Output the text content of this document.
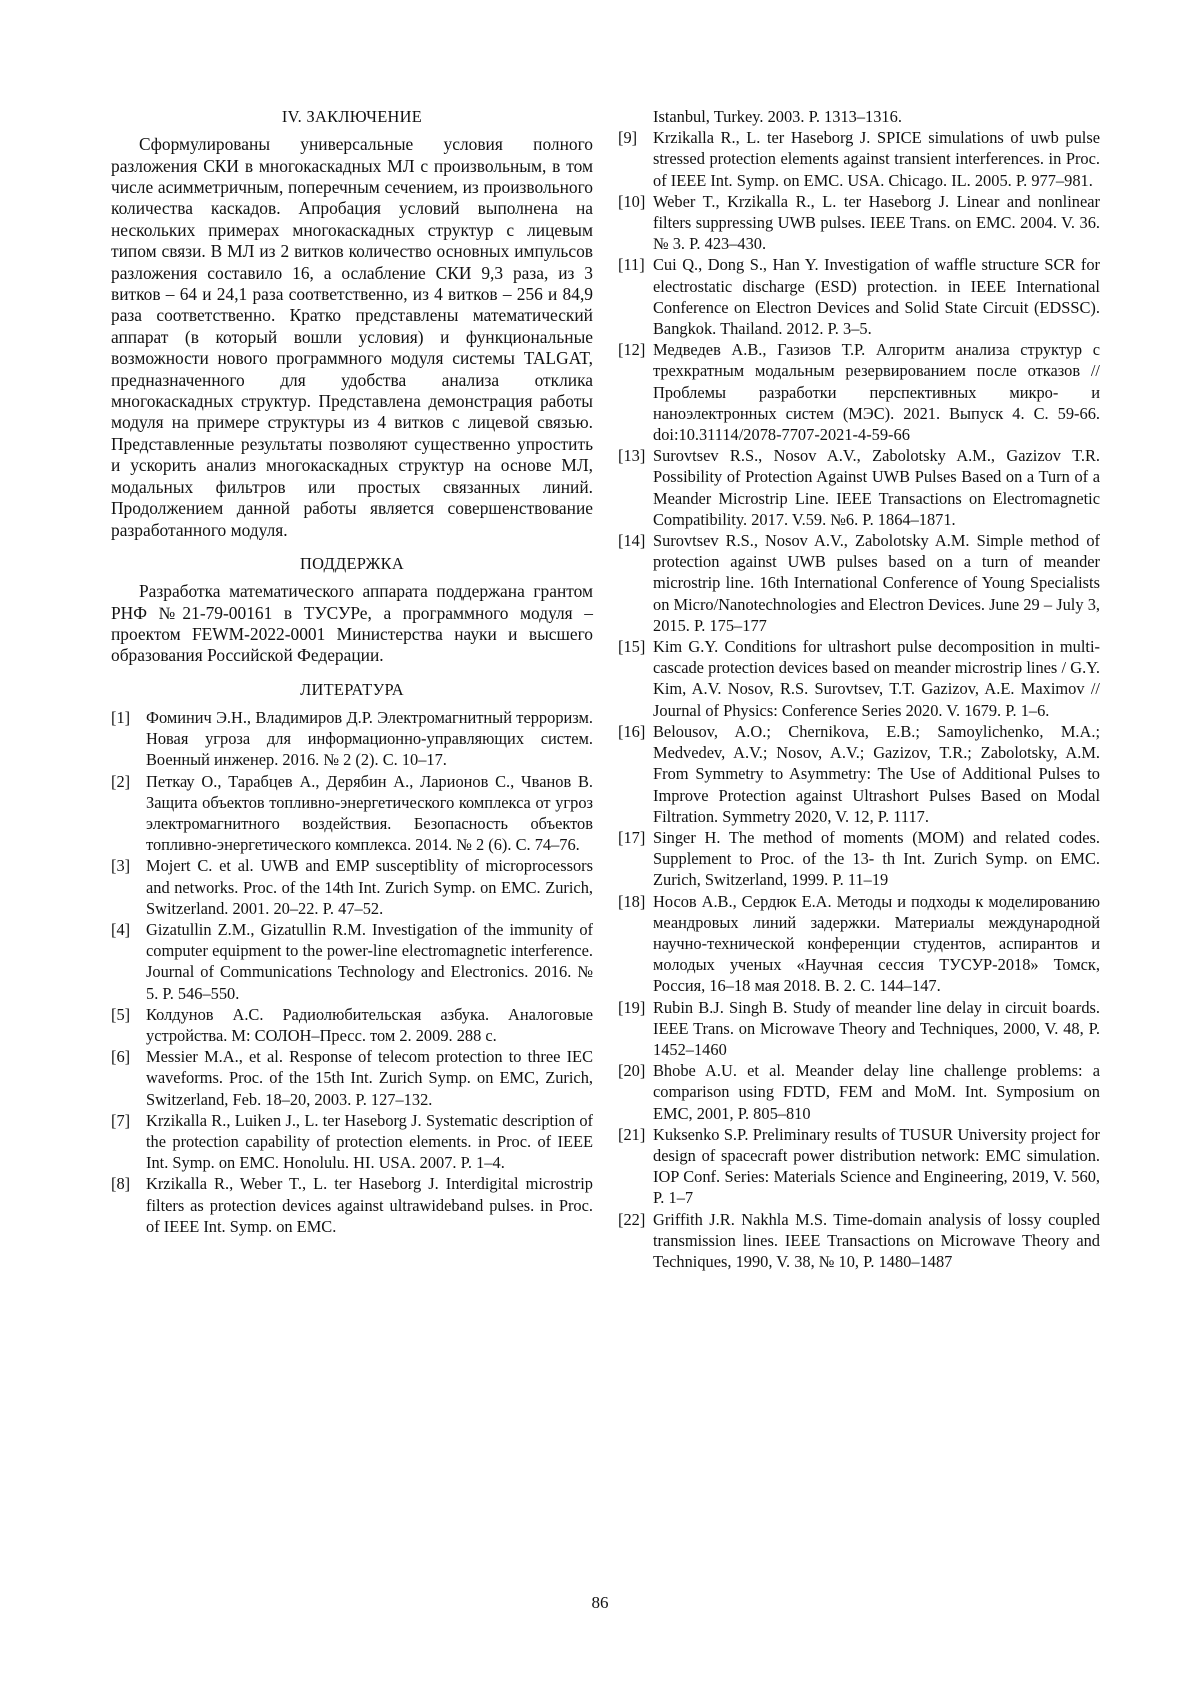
IV. ЗАКЛЮЧЕНИЕ

Сформулированы универсальные условия полного разложения СКИ в многокаскадных МЛ с произвольным, в том числе асимметричным, поперечным сечением, из произвольного количества каскадов. Апробация условий выполнена на нескольких примерах многокаскадных структур с лицевым типом связи. В МЛ из 2 витков количество основных импульсов разложения составило 16, а ослабление СКИ 9,3 раза, из 3 витков – 64 и 24,1 раза соответственно, из 4 витков – 256 и 84,9 раза соответственно. Кратко представлены математический аппарат (в который вошли условия) и функциональные возможности нового программного модуля системы TALGAT, предназначенного для удобства анализа отклика многокаскадных структур. Представлена демонстрация работы модуля на примере структуры из 4 витков с лицевой связью. Представленные результаты позволяют существенно упростить и ускорить анализ многокаскадных структур на основе МЛ, модальных фильтров или простых связанных линий. Продолжением данной работы является совершенствование разработанного модуля.

ПОДДЕРЖКА

Разработка математического аппарата поддержана грантом РНФ №21-79-00161 в ТУСУРе, а программного модуля – проектом FEWM-2022-0001 Министерства науки и высшего образования Российской Федерации.

ЛИТЕРАТУРА
[1] Фоминич Э.Н., Владимиров Д.Р. Электромагнитный терроризм. Новая угроза для информационно-управляющих систем. Военный инженер. 2016. № 2 (2). С. 10–17.
[2] Петкау О., Тарабцев А., Дерябин А., Ларионов С., Чванов В. Защита объектов топливно-энергетического комплекса от угроз электромагнитного воздействия. Безопасность объектов топливно-энергетического комплекса. 2014. № 2 (6). С. 74–76.
[3] Mojert C. et al. UWB and EMP susceptiblity of microprocessors and networks. Proc. of the 14th Int. Zurich Symp. on EMC. Zurich, Switzerland. 2001. 20–22. P. 47–52.
[4] Gizatullin Z.M., Gizatullin R.M. Investigation of the immunity of computer equipment to the power-line electromagnetic interference. Journal of Communications Technology and Electronics. 2016. № 5. P. 546–550.
[5] Колдунов А.С. Радиолюбительская азбука. Аналоговые устройства. М: СОЛОН–Пресс. том 2. 2009. 288 с.
[6] Messier M.A., et al. Response of telecom protection to three IEC waveforms. Proc. of the 15th Int. Zurich Symp. on EMC, Zurich, Switzerland, Feb. 18–20, 2003. P. 127–132.
[7] Krzikalla R., Luiken J., L. ter Haseborg J. Systematic description of the protection capability of protection elements. in Proc. of IEEE Int. Symp. on EMC. Honolulu. HI. USA. 2007. P. 1–4.
[8] Krzikalla R., Weber T., L. ter Haseborg J. Interdigital microstrip filters as protection devices against ultrawideband pulses. in Proc. of IEEE Int. Symp. on EMC.
Istanbul, Turkey. 2003. P. 1313–1316.
[9] Krzikalla R., L. ter Haseborg J. SPICE simulations of uwb pulse stressed protection elements against transient interferences. in Proc. of IEEE Int. Symp. on EMC. USA. Chicago. IL. 2005. P. 977–981.
[10] Weber T., Krzikalla R., L. ter Haseborg J. Linear and nonlinear filters suppressing UWB pulses. IEEE Trans. on EMC. 2004. V. 36. № 3. P. 423–430.
[11] Cui Q., Dong S., Han Y. Investigation of waffle structure SCR for electrostatic discharge (ESD) protection. in IEEE International Conference on Electron Devices and Solid State Circuit (EDSSC). Bangkok. Thailand. 2012. P. 3–5.
[12] Медведев А.В., Газизов Т.Р. Алгоритм анализа структур с трехкратным модальным резервированием после отказов // Проблемы разработки перспективных микро- и наноэлектронных систем (МЭС). 2021. Выпуск 4. С. 59-66. doi:10.31114/2078-7707-2021-4-59-66
[13] Surovtsev R.S., Nosov A.V., Zabolotsky A.M., Gazizov T.R. Possibility of Protection Against UWB Pulses Based on a Turn of a Meander Microstrip Line. IEEE Transactions on Electromagnetic Compatibility. 2017. V.59. №6. P. 1864–1871.
[14] Surovtsev R.S., Nosov A.V., Zabolotsky A.M. Simple method of protection against UWB pulses based on a turn of meander microstrip line. 16th International Conference of Young Specialists on Micro/Nanotechnologies and Electron Devices. June 29 – July 3, 2015. P. 175–177
[15] Kim G.Y. Conditions for ultrashort pulse decomposition in multi-cascade protection devices based on meander microstrip lines / G.Y. Kim, A.V. Nosov, R.S. Surovtsev, T.T. Gazizov, A.E. Maximov // Journal of Physics: Conference Series 2020. V. 1679. P. 1–6.
[16] Belousov, A.O.; Chernikova, E.B.; Samoylichenko, M.A.; Medvedev, A.V.; Nosov, A.V.; Gazizov, T.R.; Zabolotsky, A.M. From Symmetry to Asymmetry: The Use of Additional Pulses to Improve Protection against Ultrashort Pulses Based on Modal Filtration. Symmetry 2020, V. 12, P. 1117.
[17] Singer H. The method of moments (MOM) and related codes. Supplement to Proc. of the 13- th Int. Zurich Symp. on EMC. Zurich, Switzerland, 1999. P. 11–19
[18] Носов А.В., Сердюк Е.А. Методы и подходы к моделированию меандровых линий задержки. Материалы международной научно-технической конференции студентов, аспирантов и молодых ученых «Научная сессия ТУСУР-2018» Томск, Россия, 16–18 мая 2018. В. 2. С. 144–147.
[19] Rubin B.J. Singh B. Study of meander line delay in circuit boards. IEEE Trans. on Microwave Theory and Techniques, 2000, V. 48, P. 1452–1460
[20] Bhobe A.U. et al. Meander delay line challenge problems: a comparison using FDTD, FEM and MoM. Int. Symposium on EMC, 2001, P. 805–810
[21] Kuksenko S.P. Preliminary results of TUSUR University project for design of spacecraft power distribution network: EMC simulation. IOP Conf. Series: Materials Science and Engineering, 2019, V. 560, P. 1–7
[22] Griffith J.R. Nakhla M.S. Time-domain analysis of lossy coupled transmission lines. IEEE Transactions on Microwave Theory and Techniques, 1990, V. 38, № 10, P. 1480–1487
86
